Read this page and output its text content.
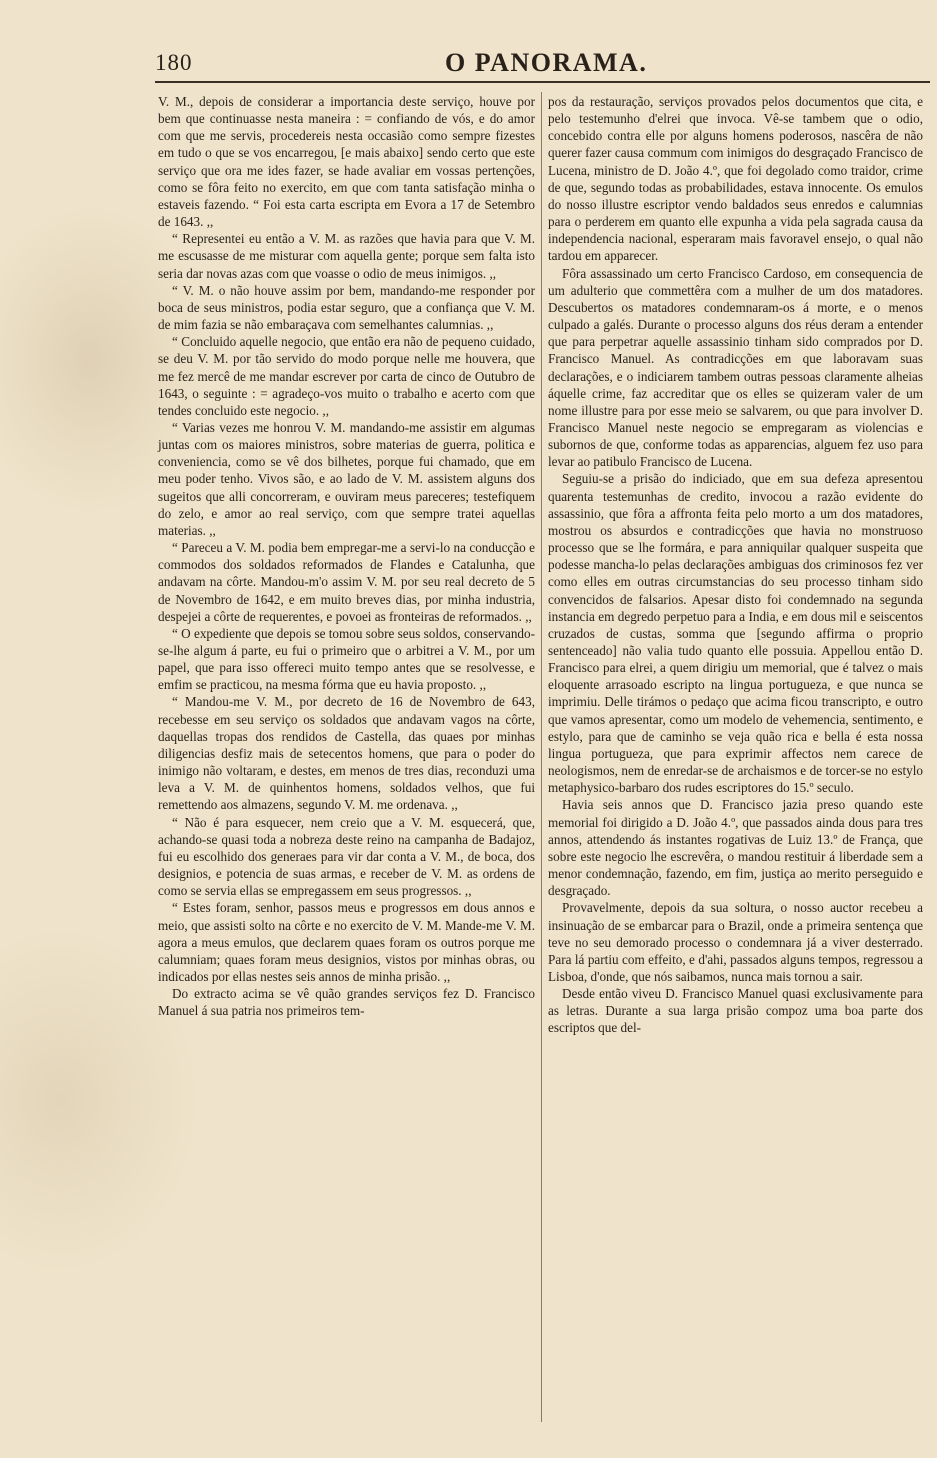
180	O PANORAMA.

V. M., depois de considerar a importancia deste serviço, houve por bem que continuasse nesta maneira : = confiando de vós, e do amor com que me servis, procedereis nesta occasião como sempre fizestes em tudo o que se vos encarregou, [e mais abaixo] sendo certo que este serviço que ora me ides fazer, se hade avaliar em vossas pertenções, como se fôra feito no exercito, em que com tanta satisfação minha o estaveis fazendo. “ Foi esta carta escripta em Evora a 17 de Setembro de 1643. ,,

“ Representei eu então a V. M. as razões que havia para que V. M. me escusasse de me misturar com aquella gente; porque sem falta isto seria dar novas azas com que voasse o odio de meus inimigos. ,,

“ V. M. o não houve assim por bem, mandando-me responder por boca de seus ministros, podia estar seguro, que a confiança que V. M. de mim fazia se não embaraçava com semelhantes calumnias. ,,

“ Concluido aquelle negocio, que então era não de pequeno cuidado, se deu V. M. por tão servido do modo porque nelle me houvera, que me fez mercê de me mandar escrever por carta de cinco de Outubro de 1643, o seguinte : = agradeço-vos muito o trabalho e acerto com que tendes concluido este negocio. ,,

“ Varias vezes me honrou V. M. mandando-me assistir em algumas juntas com os maiores ministros, sobre materias de guerra, politica e conveniencia, como se vê dos bilhetes, porque fui chamado, que em meu poder tenho. Vivos são, e ao lado de V. M. assistem alguns dos sugeitos que alli concorreram, e ouviram meus pareceres; testefiquem do zelo, e amor ao real serviço, com que sempre tratei aquellas materias. ,,

“ Pareceu a V. M. podia bem empregar-me a servi-lo na conducção e commodos dos soldados reformados de Flandes e Catalunha, que andavam na côrte. Mandou-m'o assim V. M. por seu real decreto de 5 de Novembro de 1642, e em muito breves dias, por minha industria, despejei a côrte de requerentes, e povoei as fronteiras de reformados. ,,

“ O expediente que depois se tomou sobre seus soldos, conservando-se-lhe algum á parte, eu fui o primeiro que o arbitrei a V. M., por um papel, que para isso offereci muito tempo antes que se resolvesse, e emfim se practicou, na mesma fórma que eu havia proposto. ,,

“ Mandou-me V. M., por decreto de 16 de Novembro de 643, recebesse em seu serviço os soldados que andavam vagos na côrte, daquellas tropas dos rendidos de Castella, das quaes por minhas diligencias desfiz mais de setecentos homens, que para o poder do inimigo não voltaram, e destes, em menos de tres dias, reconduzi uma leva a V. M. de quinhentos homens, soldados velhos, que fui remettendo aos almazens, segundo V. M. me ordenava. ,,

“ Não é para esquecer, nem creio que a V. M. esquecerá, que, achando-se quasi toda a nobreza deste reino na campanha de Badajoz, fui eu escolhido dos generaes para vir dar conta a V. M., de boca, dos designios, e potencia de suas armas, e receber de V. M. as ordens de como se servia ellas se empregassem em seus progressos. ,,

“ Estes foram, senhor, passos meus e progressos em dous annos e meio, que assisti solto na côrte e no exercito de V. M. Mande-me V. M. agora a meus emulos, que declarem quaes foram os outros porque me calumniam; quaes foram meus designios, vistos por minhas obras, ou indicados por ellas nestes seis annos de minha prisão. ,,

Do extracto acima se vê quão grandes serviços fez D. Francisco Manuel á sua patria nos primeiros tem-

pos da restauração, serviços provados pelos documentos que cita, e pelo testemunho d'elrei que invoca. Vê-se tambem que o odio, concebido contra elle por alguns homens poderosos, nascêra de não querer fazer causa commum com inimigos do desgraçado Francisco de Lucena, ministro de D. João 4.º, que foi degolado como traidor, crime de que, segundo todas as probabilidades, estava innocente. Os emulos do nosso illustre escriptor vendo baldados seus enredos e calumnias para o perderem em quanto elle expunha a vida pela sagrada causa da independencia nacional, esperaram mais favoravel ensejo, o qual não tardou em apparecer.

Fôra assassinado um certo Francisco Cardoso, em consequencia de um adulterio que commettêra com a mulher de um dos matadores. Descubertos os matadores condemnaram-os á morte, e o menos culpado a galés. Durante o processo alguns dos réus deram a entender que para perpetrar aquelle assassinio tinham sido comprados por D. Francisco Manuel. As contradicções em que laboravam suas declarações, e o indiciarem tambem outras pessoas claramente alheias áquelle crime, faz accreditar que os elles se quizeram valer de um nome illustre para por esse meio se salvarem, ou que para involver D. Francisco Manuel neste negocio se empregaram as violencias e subornos de que, conforme todas as apparencias, alguem fez uso para levar ao patibulo Francisco de Lucena.

Seguiu-se a prisão do indiciado, que em sua defeza apresentou quarenta testemunhas de credito, invocou a razão evidente do assassinio, que fôra a affronta feita pelo morto a um dos matadores, mostrou os absurdos e contradicções que havia no monstruoso processo que se lhe formára, e para anniquilar qualquer suspeita que podesse mancha-lo pelas declarações ambiguas dos criminosos fez ver como elles em outras circumstancias do seu processo tinham sido convencidos de falsarios. Apesar disto foi condemnado na segunda instancia em degredo perpetuo para a India, e em dous mil e seiscentos cruzados de custas, somma que [segundo affirma o proprio sentenceado] não valia tudo quanto elle possuia. Appellou então D. Francisco para elrei, a quem dirigiu um memorial, que é talvez o mais eloquente arrasoado escripto na lingua portugueza, e que nunca se imprimiu. Delle tirámos o pedaço que acima ficou transcripto, e outro que vamos apresentar, como um modelo de vehemencia, sentimento, e estylo, para que de caminho se veja quão rica e bella é esta nossa lingua portugueza, que para exprimir affectos nem carece de neologismos, nem de enredar-se de archaismos e de torcer-se no estylo metaphysico-barbaro dos rudes escriptores do 15.º seculo.

Havia seis annos que D. Francisco jazia preso quando este memorial foi dirigido a D. João 4.º, que passados ainda dous para tres annos, attendendo ás instantes rogativas de Luiz 13.º de França, que sobre este negocio lhe escrevêra, o mandou restituir á liberdade sem a menor condemnação, fazendo, em fim, justiça ao merito perseguido e desgraçado.

Provavelmente, depois da sua soltura, o nosso auctor recebeu a insinuação de se embarcar para o Brazil, onde a primeira sentença que teve no seu demorado processo o condemnara já a viver desterrado. Para lá partiu com effeito, e d'ahi, passados alguns tempos, regressou a Lisboa, d'onde, que nós saibamos, nunca mais tornou a sair.

Desde então viveu D. Francisco Manuel quasi exclusivamente para as letras. Durante a sua larga prisão compoz uma boa parte dos escriptos que del-
